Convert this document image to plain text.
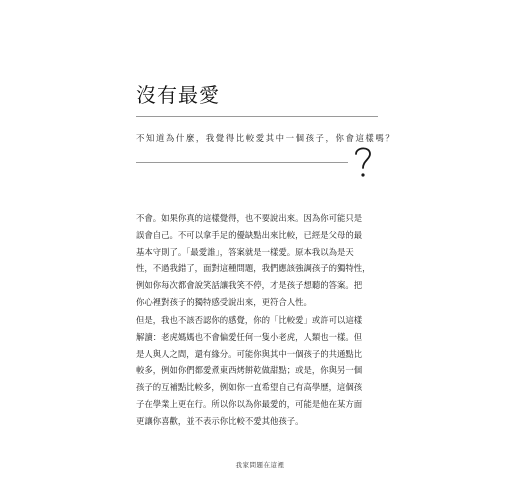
沒有最愛
不知道為什麼，我覺得比較愛其中一個孩子，你會這樣嗎？
不會。如果你真的這樣覺得，也不要說出來。因為你可能只是
誤會自己。不可以拿手足的優缺點出來比較，已經是父母的最
基本守則了。「最愛誰」，答案就是一樣愛。原本我以為是天
性，不過我錯了，面對這種問題，我們應該強調孩子的獨特性，
例如你每次都會說笑話讓我笑不停，才是孩子想聽的答案。把
你心裡對孩子的獨特感受說出來，更符合人性。
但是，我也不該否認你的感覺，你的「比較愛」或許可以這樣
解讀：老虎媽媽也不會偏愛任何一隻小老虎，人類也一樣。但
是人與人之間，還有緣分。可能你與其中一個孩子的共通點比
較多，例如你們都愛煮東西烤餅乾做甜點；或是，你與另一個
孩子的互補點比較多，例如你一直希望自己有高學歷，這個孩
子在學業上更在行。所以你以為你最愛的，可能是他在某方面
更讓你喜歡，並不表示你比較不愛其他孩子。
我家問題在這裡
